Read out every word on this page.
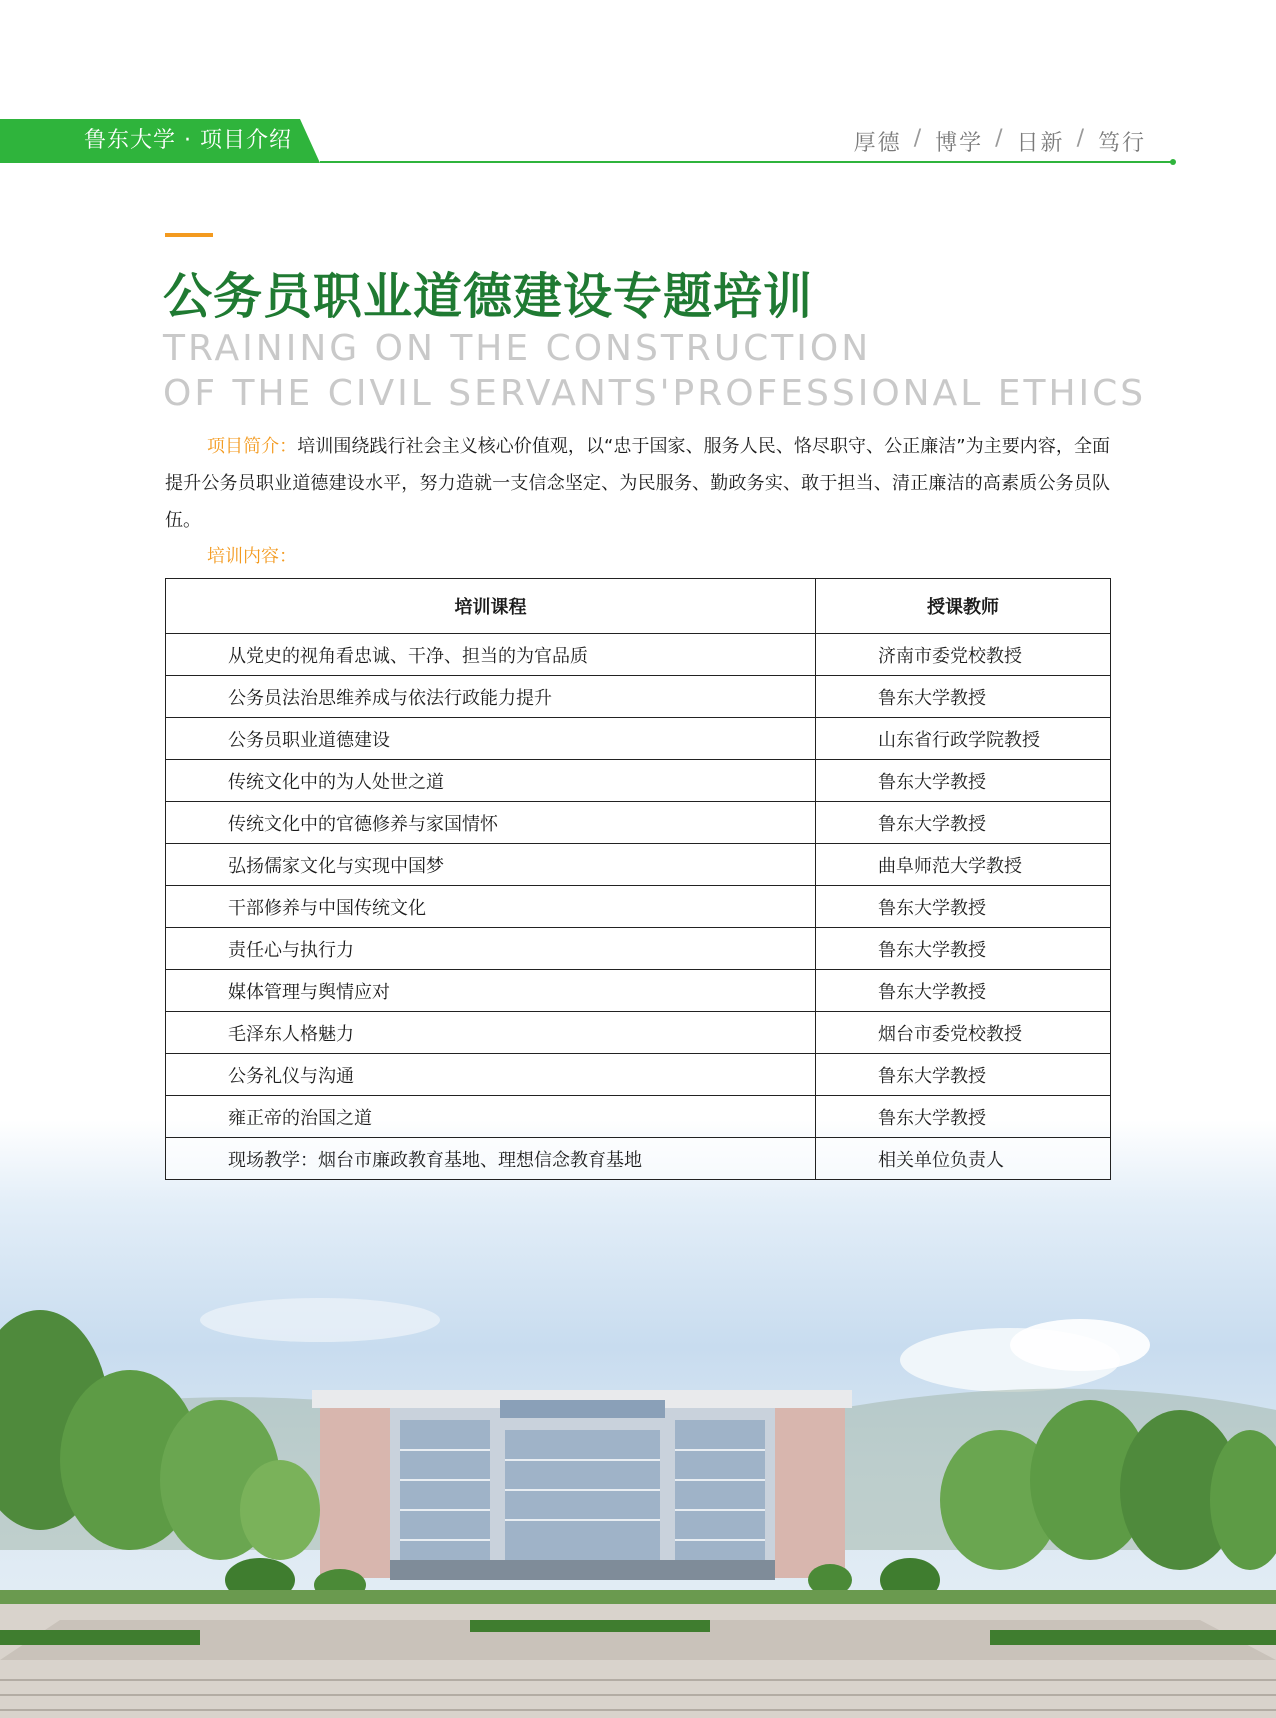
鲁东大学 · 项目介绍	厚德 / 博学 / 日新 / 笃行
公务员职业道德建设专题培训
TRAINING ON THE CONSTRUCTION
OF THE CIVIL SERVANTS'PROFESSIONAL ETHICS
项目简介：培训围绕践行社会主义核心价值观，以“忠于国家、服务人民、恪尽职守、公正廉洁”为主要内容，全面提升公务员职业道德建设水平，努力造就一支信念坚定、为民服务、勤政务实、敢于担当、清正廉洁的高素质公务员队伍。
培训内容：
培训课程	授课教师
从党史的视角看忠诚、干净、担当的为官品质	济南市委党校教授
公务员法治思维养成与依法行政能力提升	鲁东大学教授
公务员职业道德建设	山东省行政学院教授
传统文化中的为人处世之道	鲁东大学教授
传统文化中的官德修养与家国情怀	鲁东大学教授
弘扬儒家文化与实现中国梦	曲阜师范大学教授
干部修养与中国传统文化	鲁东大学教授
责任心与执行力	鲁东大学教授
媒体管理与舆情应对	鲁东大学教授
毛泽东人格魅力	烟台市委党校教授
公务礼仪与沟通	鲁东大学教授
雍正帝的治国之道	鲁东大学教授
现场教学：烟台市廉政教育基地、理想信念教育基地	相关单位负责人
